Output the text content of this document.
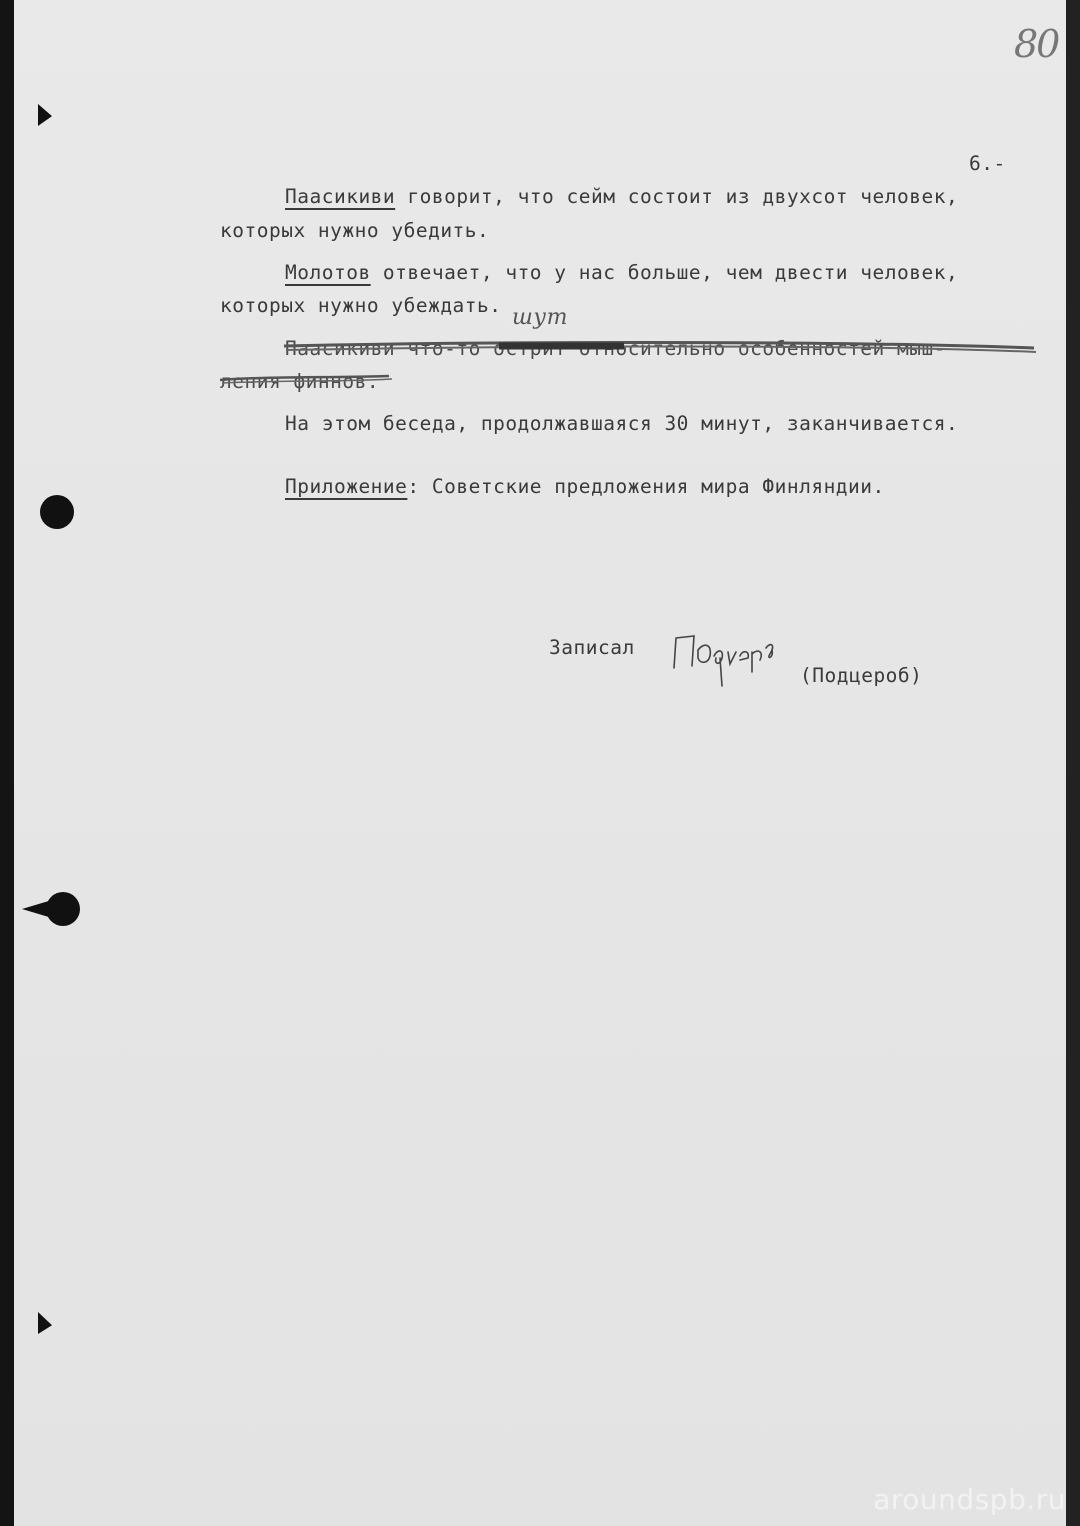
80
6.-
Паасикиви говорит, что сейм состоит из двухсот человек,
которых нужно убедить.
Молотов отвечает, что у нас больше, чем двести человек,
которых нужно убеждать.
Паасикиви что-то острит относительно особенностей мыш-
ления финнов.
шут
На этом беседа, продолжавшаяся 30 минут, заканчивается.
Приложение: Советские предложения мира Финляндии.
Записал
(Подцероб)
aroundspb.ru
